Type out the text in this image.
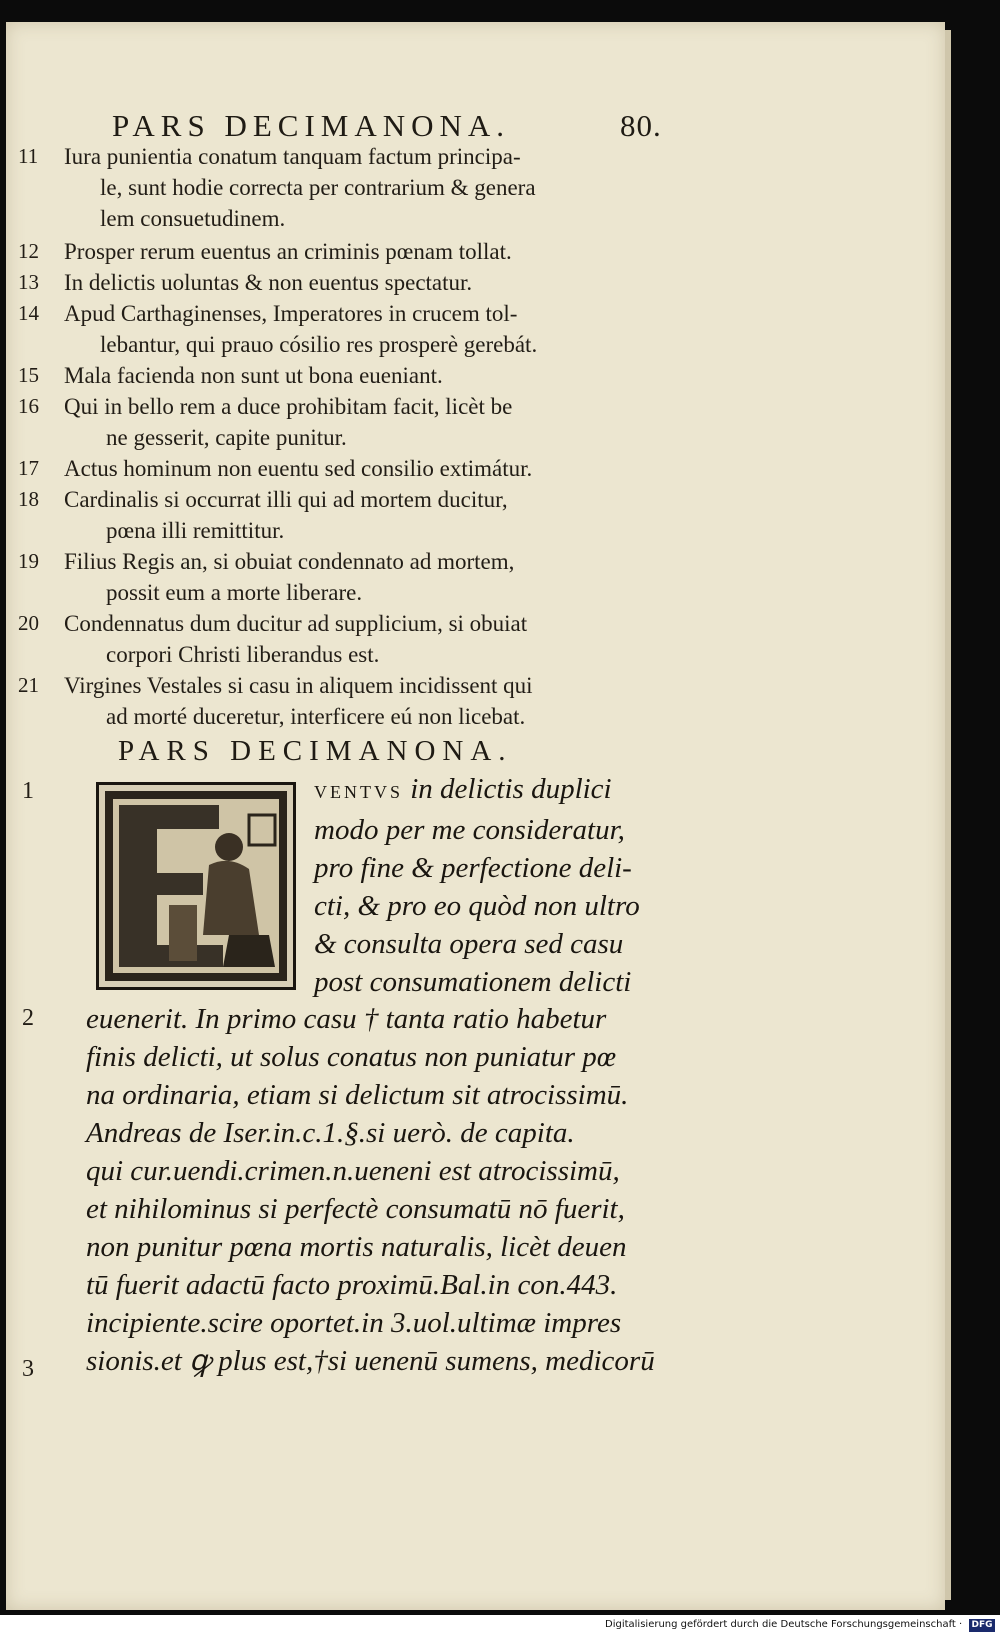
PARS DECIMANONA.	80.
11	Iura punientia conatum tanquam factum principa-
le, sunt hodie correcta per contrarium & genera
lem consuetudinem.
12	Prosper rerum euentus an criminis pœnam tollat.
13	In delictis uoluntas & non euentus spectatur.
14	Apud Carthaginenses, Imperatores in crucem tol-
lebantur, qui prauo cósilio res prosperè gerebát.
15	Mala facienda non sunt ut bona eueniant.
16	Qui in bello rem a duce prohibitam facit, licèt be
ne gesserit, capite punitur.
17	Actus hominum non euentu sed consilio extimátur.
18	Cardinalis si occurrat illi qui ad mortem ducitur,
pœna illi remittitur.
19	Filius Regis an, si obuiat condennato ad mortem,
possit eum a morte liberare.
20	Condennatus dum ducitur ad supplicium, si obuiat
corpori Christi liberandus est.
21	Virgines Vestales si casu in aliquem incidissent qui
ad morté duceretur, interficere eú non licebat.
PARS DECIMANONA.
1
2
3
VENTVS in delictis duplici
modo per me consideratur,
pro fine & perfectione deli-
cti, & pro eo quòd non ultro
& consulta opera sed casu
post consumationem delicti
euenerit. In primo casu † tanta ratio habetur
finis delicti, ut solus conatus non puniatur pœ
na ordinaria, etiam si delictum sit atrocissimū.
Andreas de Iser.in.c.1.§.si uerò. de capita.
qui cur.uendi.crimen.n.ueneni est atrocissimū,
et nihilominus si perfectè consumatū nō fuerit,
non punitur pœna mortis naturalis, licèt deuen
tū fuerit adactū facto proximū.Bal.in con.443.
incipiente.scire oportet.in 3.uol.ultimæ impres
sionis.et ꝙ plus est,†si uenenū sumens, medicorū
Digitalisierung gefördert durch die Deutsche Forschungsgemeinschaft · DFG
